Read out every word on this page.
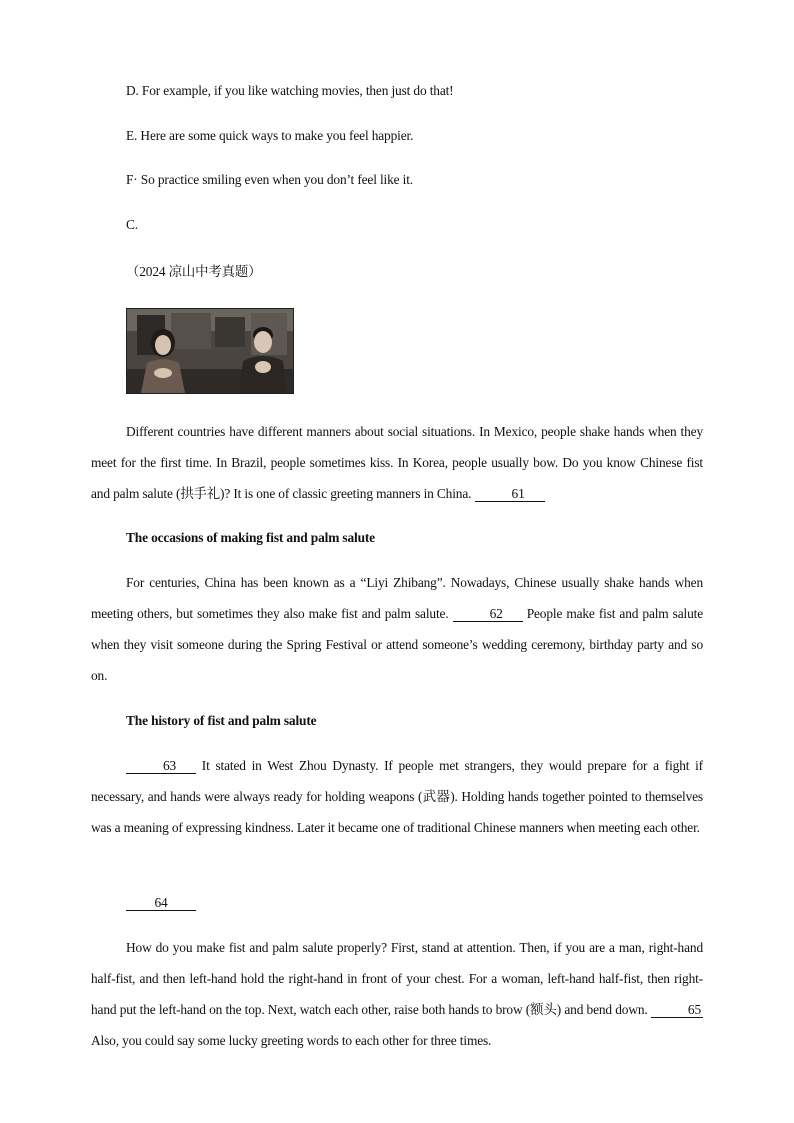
D. For example, if you like watching movies, then just do that!
E. Here are some quick ways to make you feel happier.
F· So practice smiling even when you don’t feel like it.
C.
（2024 凉山中考真题）
Different countries have different manners about social situations. In Mexico, people shake hands when they meet for the first time. In Brazil, people sometimes kiss. In Korea, people usually bow. Do you know Chinese fist and palm salute (拱手礼)? It is one of classic greeting manners in China.	61
The occasions of making fist and palm salute
For centuries, China has been known as a “Liyi Zhibang”. Nowadays, Chinese usually shake hands when meeting others, but sometimes they also make fist and palm salute.	62 People make fist and palm salute when they visit someone during the Spring Festival or attend someone’s wedding ceremony, birthday party and so on.
The history of fist and palm salute
63 It stated in West Zhou Dynasty. If people met strangers, they would prepare for a fight if necessary, and hands were always ready for holding weapons (武器). Holding hands together pointed to themselves was a meaning of expressing kindness. Later it became one of traditional Chinese manners when meeting each other.
64
How do you make fist and palm salute properly? First, stand at attention. Then, if you are a man, right-hand half-fist, and then left-hand hold the right-hand in front of your chest. For a woman, left-hand half-fist, then right-hand put the left-hand on the top. Next, watch each other, raise both hands to brow (额头) and bend down.	65 Also, you could say some lucky greeting words to each other for three times.
